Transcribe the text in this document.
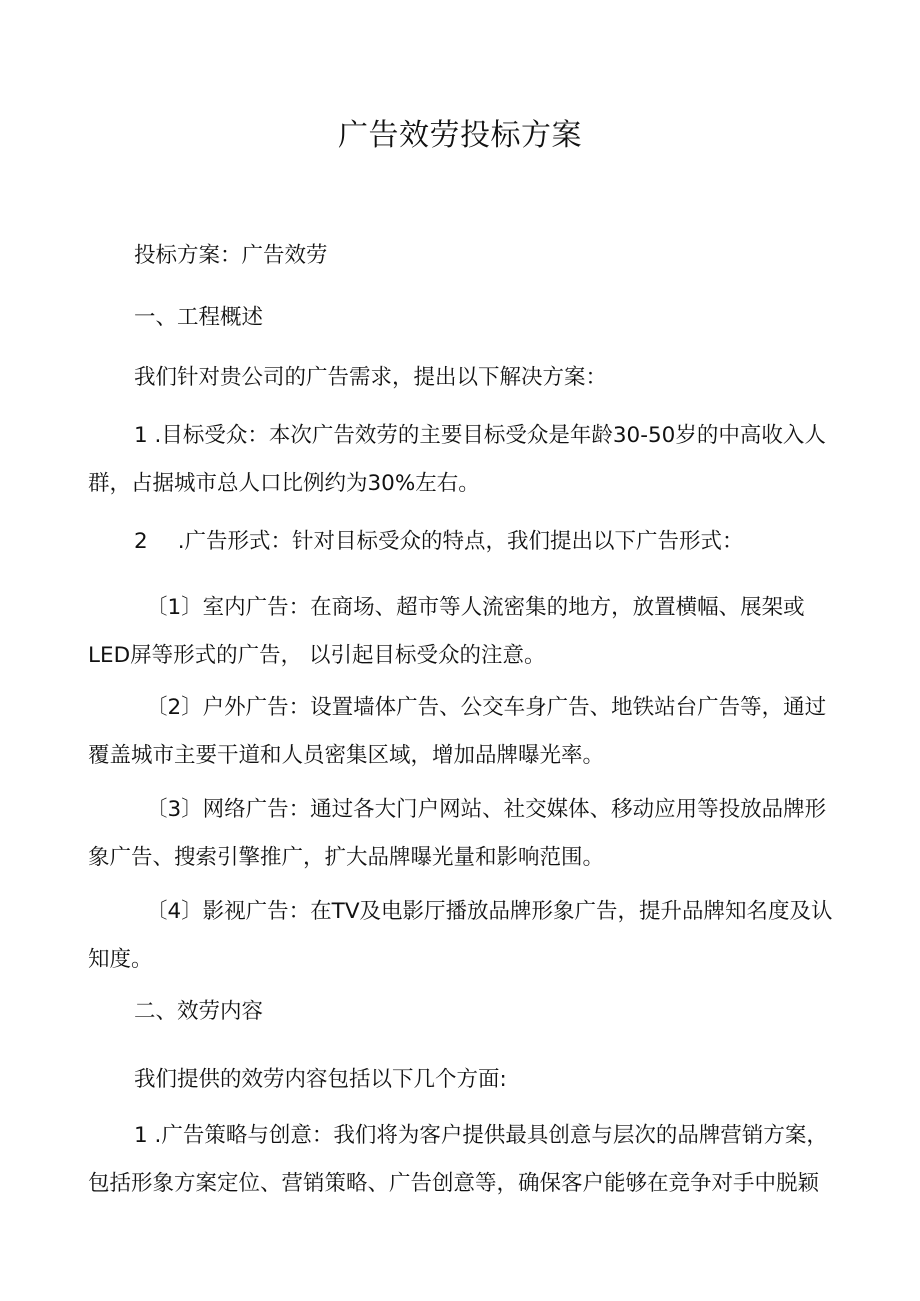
广告效劳投标方案

投标方案：广告效劳

一、工程概述

我们针对贵公司的广告需求，提出以下解决方案：

1 .目标受众：本次广告效劳的主要目标受众是年龄30-50岁的中高收入人群，占据城市总人口比例约为30%左右。

2 .广告形式：针对目标受众的特点，我们提出以下广告形式：

〔1〕室内广告：在商场、超市等人流密集的地方，放置横幅、展架或LED屏等形式的广告， 以引起目标受众的注意。

〔2〕户外广告：设置墙体广告、公交车身广告、地铁站台广告等，通过覆盖城市主要干道和人员密集区域，增加品牌曝光率。

〔3〕网络广告：通过各大门户网站、社交媒体、移动应用等投放品牌形象广告、搜索引擎推广，扩大品牌曝光量和影响范围。

〔4〕影视广告：在TV及电影厅播放品牌形象广告，提升品牌知名度及认知度。

二、效劳内容

我们提供的效劳内容包括以下几个方面:

1 .广告策略与创意：我们将为客户提供最具创意与层次的品牌营销方案，包括形象方案定位、营销策略、广告创意等，确保客户能够在竞争对手中脱颖
